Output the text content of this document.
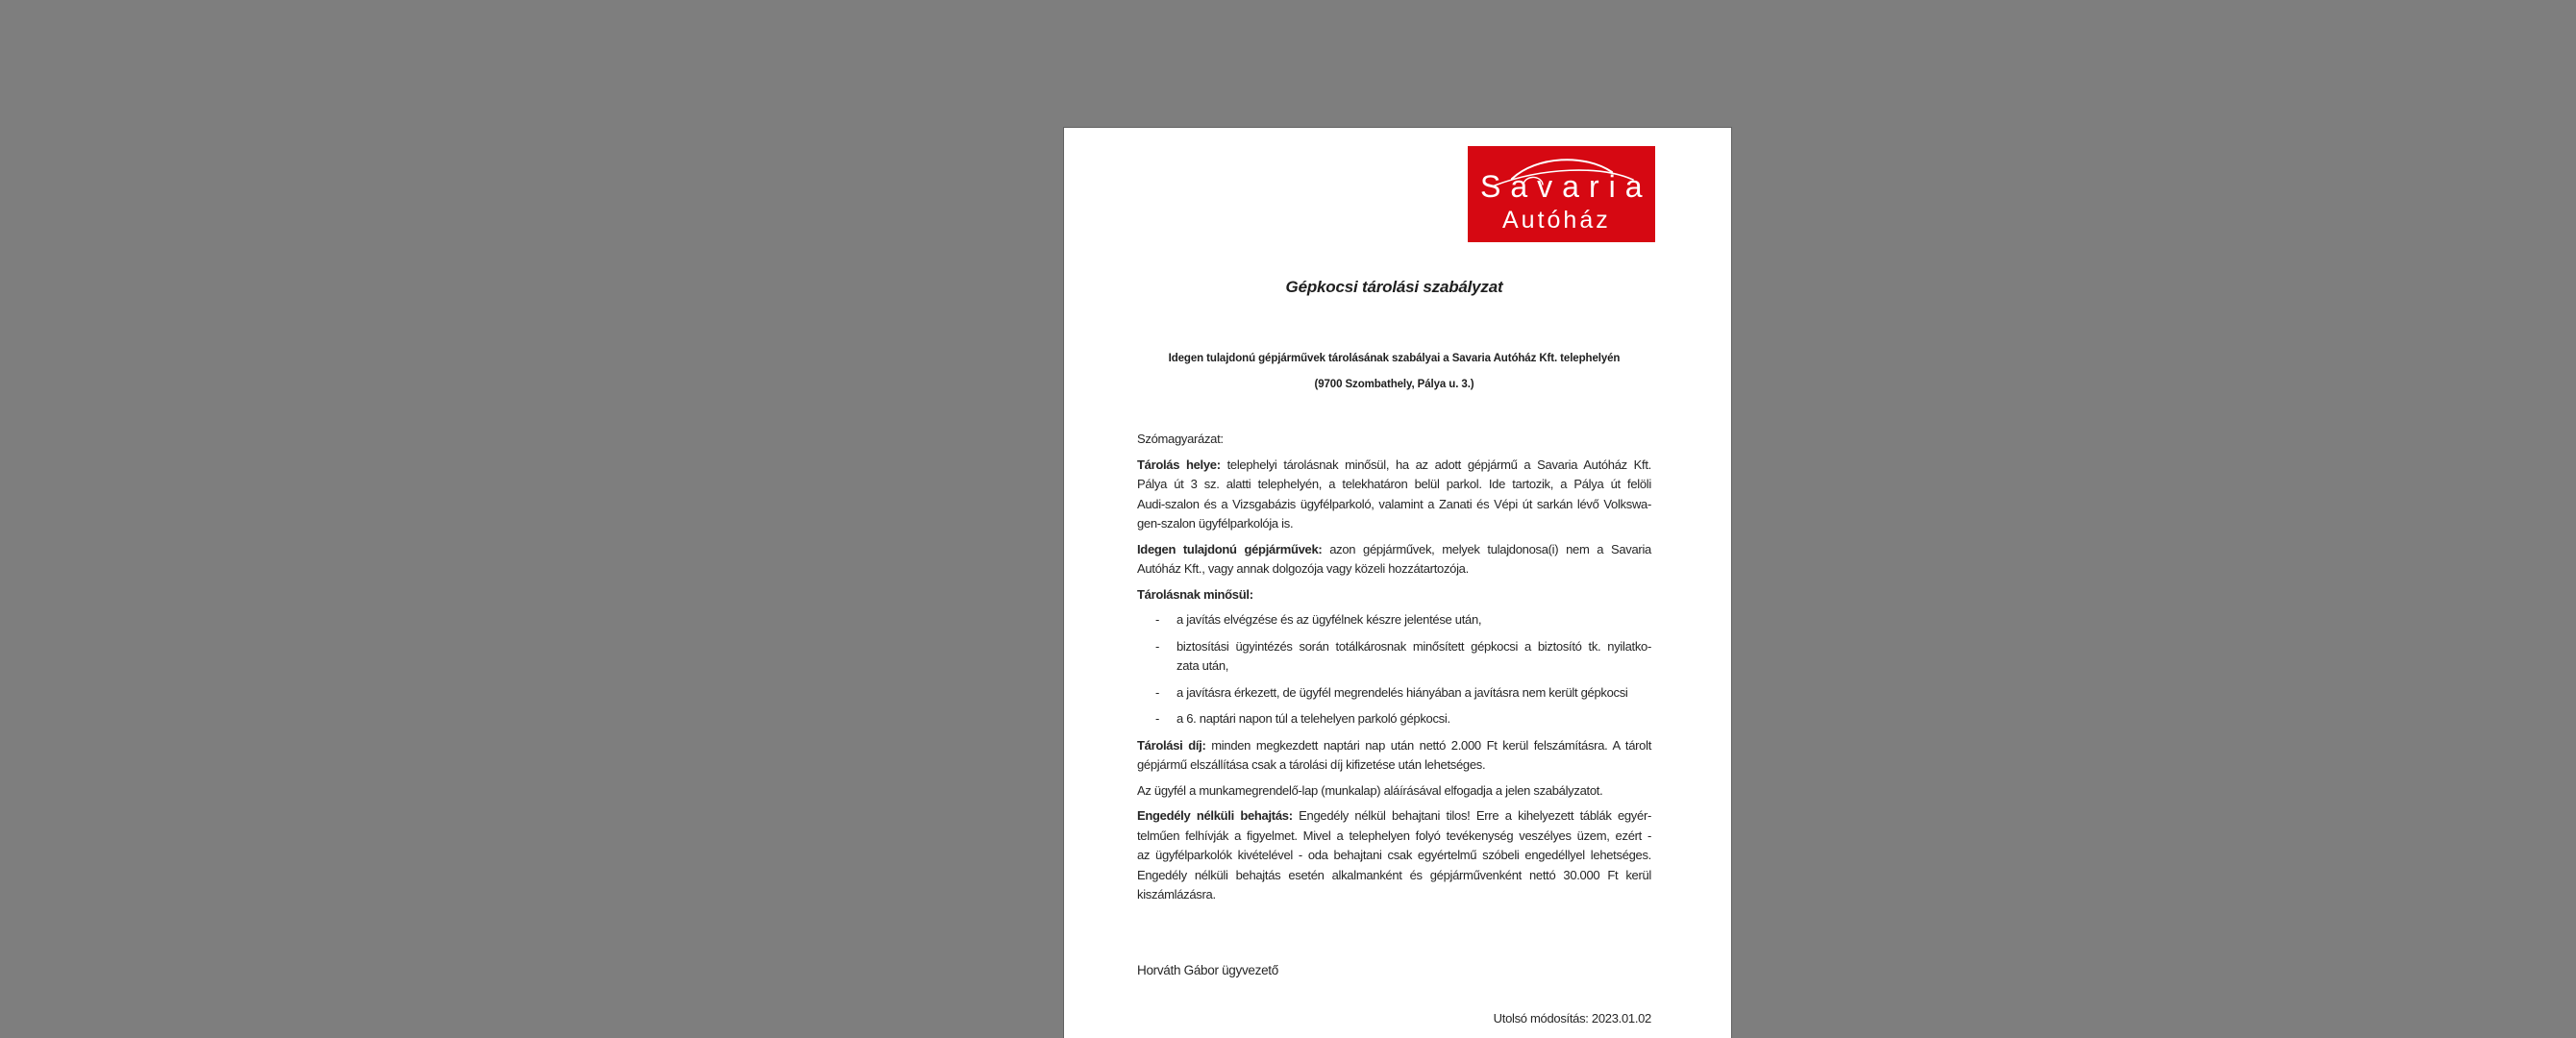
Savaria
Autóház
Gépkocsi tárolási szabályzat
Idegen tulajdonú gépjárművek tárolásának szabályai a Savaria Autóház Kft. telephelyén
(9700 Szombathely, Pálya u. 3.)
Szómagyarázat:
Tárolás helye: telephelyi tárolásnak minősül, ha az adott gépjármű a Savaria Autóház Kft.
Pálya út 3 sz. alatti telephelyén, a telekhatáron belül parkol. Ide tartozik, a Pálya út felöli
Audi-szalon és a Vizsgabázis ügyfélparkoló, valamint a Zanati és Vépi út sarkán lévő Volkswa-
gen-szalon ügyfélparkolója is.
Idegen tulajdonú gépjárművek: azon gépjárművek, melyek tulajdonosa(i) nem a Savaria
Autóház Kft., vagy annak dolgozója vagy közeli hozzátartozója.
Tárolásnak minősül:
- a javítás elvégzése és az ügyfélnek készre jelentése után,
- biztosítási ügyintézés során totálkárosnak minősített gépkocsi a biztosító tk. nyilatko-
zata után,
- a javításra érkezett, de ügyfél megrendelés hiányában a javításra nem került gépkocsi
- a 6. naptári napon túl a telehelyen parkoló gépkocsi.
Tárolási díj: minden megkezdett naptári nap után nettó 2.000 Ft kerül felszámításra. A tárolt
gépjármű elszállítása csak a tárolási díj kifizetése után lehetséges.
Az ügyfél a munkamegrendelő-lap (munkalap) aláírásával elfogadja a jelen szabályzatot.
Engedély nélküli behajtás: Engedély nélkül behajtani tilos! Erre a kihelyezett táblák egyér-
telműen felhívják a figyelmet. Mivel a telephelyen folyó tevékenység veszélyes üzem, ezért -
az ügyfélparkolók kivételével - oda behajtani csak egyértelmű szóbeli engedéllyel lehetséges.
Engedély nélküli behajtás esetén alkalmanként és gépjárművenként nettó 30.000 Ft kerül
kiszámlázásra.
Horváth Gábor ügyvezető
Utolsó módosítás: 2023.01.02
